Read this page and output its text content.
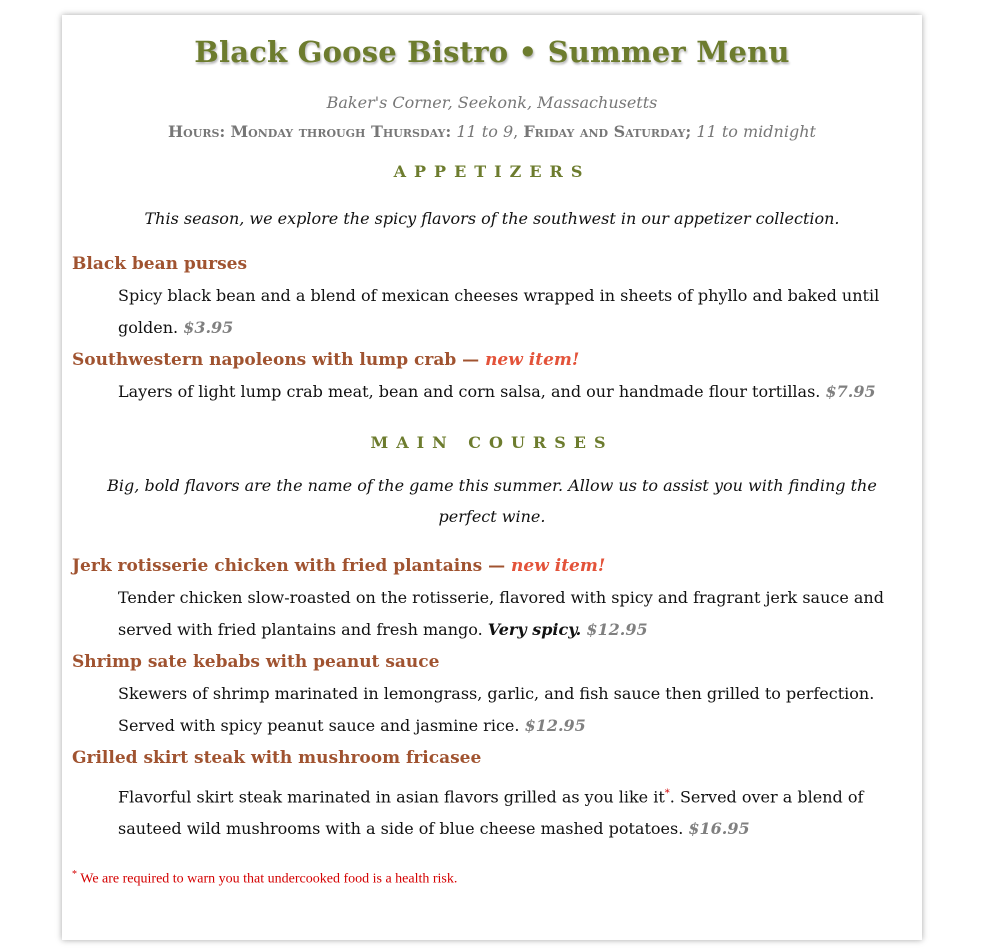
Black Goose Bistro • Summer Menu

Baker's Corner, Seekonk, Massachusetts

Hours: Monday through Thursday: 11 to 9, Friday and Saturday; 11 to midnight

APPETIZERS

This season, we explore the spicy flavors of the southwest in our appetizer collection.

Black bean purses

Spicy black bean and a blend of mexican cheeses wrapped in sheets of phyllo and baked until golden. $3.95

Southwestern napoleons with lump crab — new item!

Layers of light lump crab meat, bean and corn salsa, and our handmade flour tortillas. $7.95

MAIN COURSES

Big, bold flavors are the name of the game this summer. Allow us to assist you with finding the perfect wine.

Jerk rotisserie chicken with fried plantains — new item!

Tender chicken slow-roasted on the rotisserie, flavored with spicy and fragrant jerk sauce and served with fried plantains and fresh mango. Very spicy. $12.95

Shrimp sate kebabs with peanut sauce

Skewers of shrimp marinated in lemongrass, garlic, and fish sauce then grilled to perfection. Served with spicy peanut sauce and jasmine rice. $12.95

Grilled skirt steak with mushroom fricasee

Flavorful skirt steak marinated in asian flavors grilled as you like it*. Served over a blend of sauteed wild mushrooms with a side of blue cheese mashed potatoes. $16.95

* We are required to warn you that undercooked food is a health risk.
